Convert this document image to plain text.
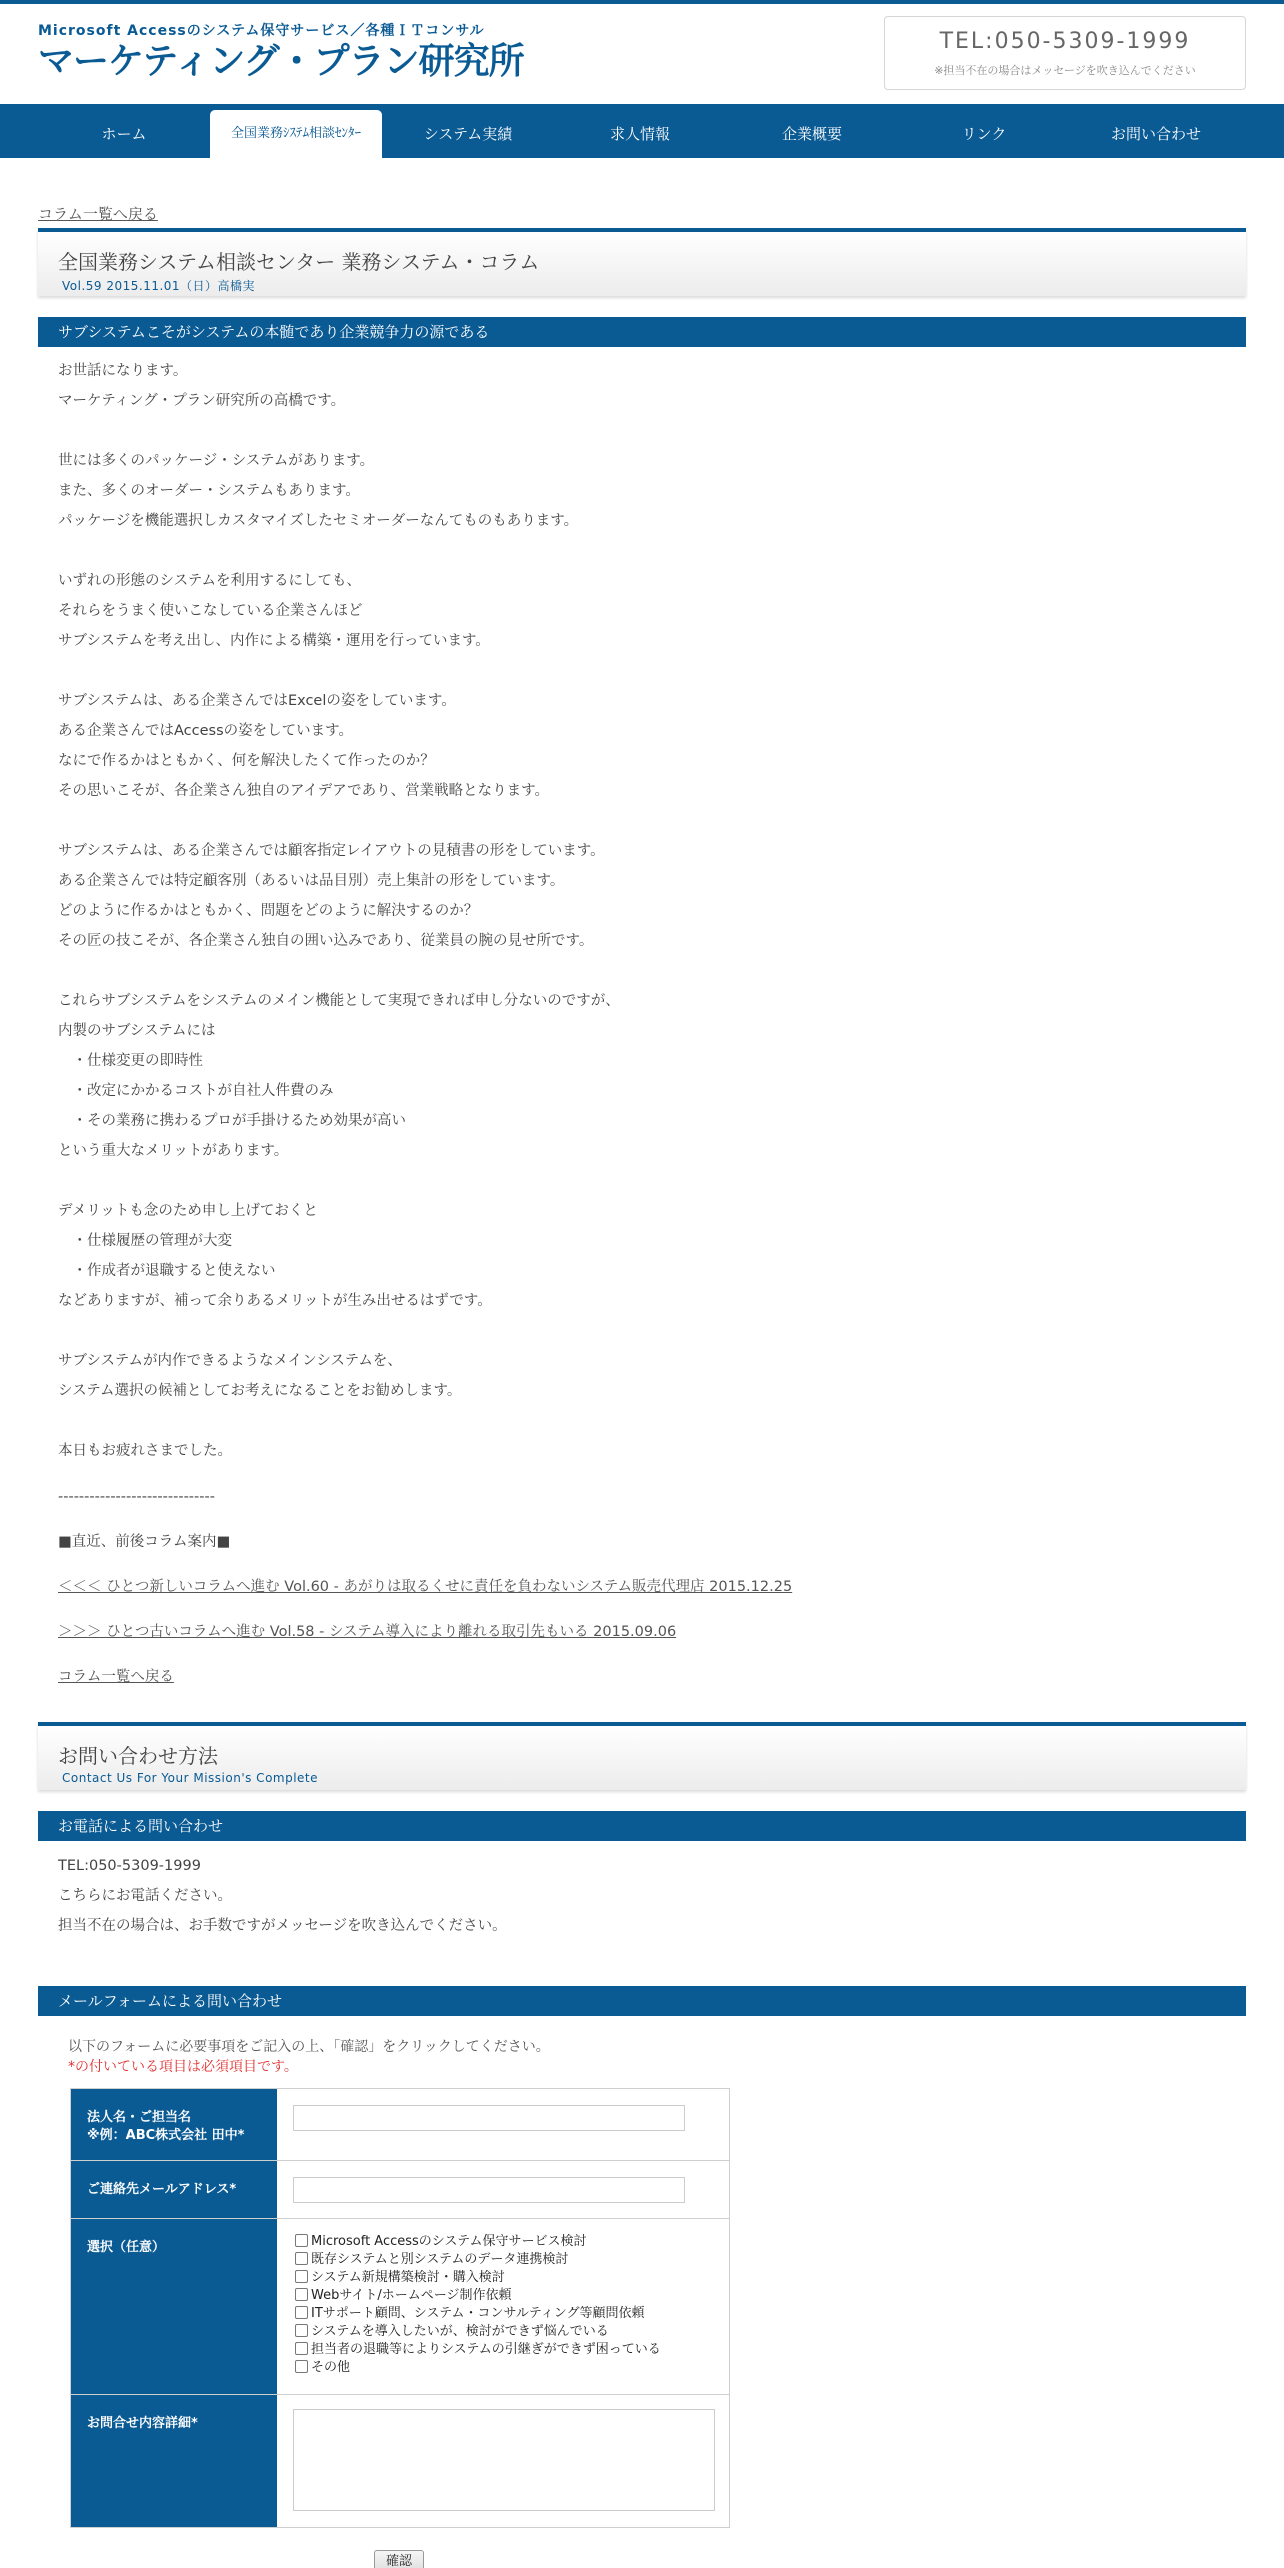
Microsoft Accessのシステム保守サービス／各種ＩＴコンサル
マーケティング・プラン研究所	TEL:050-5309-1999
※担当不在の場合はメッセージを吹き込んでください
ホーム	全国業務ｼｽﾃﾑ相談ｾﾝﾀｰ	システム実績	求人情報	企業概要	リンク	お問い合わせ
コラム一覧へ戻る
全国業務システム相談センター 業務システム・コラム
Vol.59 2015.11.01（日）高橋実
サブシステムこそがシステムの本髄であり企業競争力の源である
お世話になります。
マーケティング・プラン研究所の高橋です。
世には多くのパッケージ・システムがあります。
また、多くのオーダー・システムもあります。
パッケージを機能選択しカスタマイズしたセミオーダーなんてものもあります。
いずれの形態のシステムを利用するにしても、
それらをうまく使いこなしている企業さんほど
サブシステムを考え出し、内作による構築・運用を行っています。
サブシステムは、ある企業さんではExcelの姿をしています。
ある企業さんではAccessの姿をしています。
なにで作るかはともかく、何を解決したくて作ったのか？
その思いこそが、各企業さん独自のアイデアであり、営業戦略となります。
サブシステムは、ある企業さんでは顧客指定レイアウトの見積書の形をしています。
ある企業さんでは特定顧客別（あるいは品目別）売上集計の形をしています。
どのように作るかはともかく、問題をどのように解決するのか？
その匠の技こそが、各企業さん独自の囲い込みであり、従業員の腕の見せ所です。
これらサブシステムをシステムのメイン機能として実現できれば申し分ないのですが、
内製のサブシステムには
　・仕様変更の即時性
　・改定にかかるコストが自社人件費のみ
　・その業務に携わるプロが手掛けるため効果が高い
という重大なメリットがあります。
デメリットも念のため申し上げておくと
　・仕様履歴の管理が大変
　・作成者が退職すると使えない
などありますが、補って余りあるメリットが生み出せるはずです。
サブシステムが内作できるようなメインシステムを、
システム選択の候補としてお考えになることをお勧めします。
本日もお疲れさまでした。
------------------------------
■直近、前後コラム案内■
＜＜＜ ひとつ新しいコラムへ進む Vol.60 - あがりは取るくせに責任を負わないシステム販売代理店 2015.12.25
＞＞＞ ひとつ古いコラムへ進む Vol.58 - システム導入により離れる取引先もいる 2015.09.06
コラム一覧へ戻る
お問い合わせ方法
Contact Us For Your Mission's Complete
お電話による問い合わせ
TEL:050-5309-1999
こちらにお電話ください。
担当不在の場合は、お手数ですがメッセージを吹き込んでください。
メールフォームによる問い合わせ
以下のフォームに必要事項をご記入の上、「確認」をクリックしてください。
*の付いている項目は必須項目です。
法人名・ご担当名
※例：ABC株式会社 田中*
ご連絡先メールアドレス*
選択（任意）	Microsoft Accessのシステム保守サービス検討
既存システムと別システムのデータ連携検討
システム新規構築検討・購入検討
Webサイト/ホームページ制作依頼
ITサポート顧問、システム・コンサルティング等顧問依頼
システムを導入したいが、検討ができず悩んでいる
担当者の退職等によりシステムの引継ぎができず困っている
その他
お問合せ内容詳細*
確認
